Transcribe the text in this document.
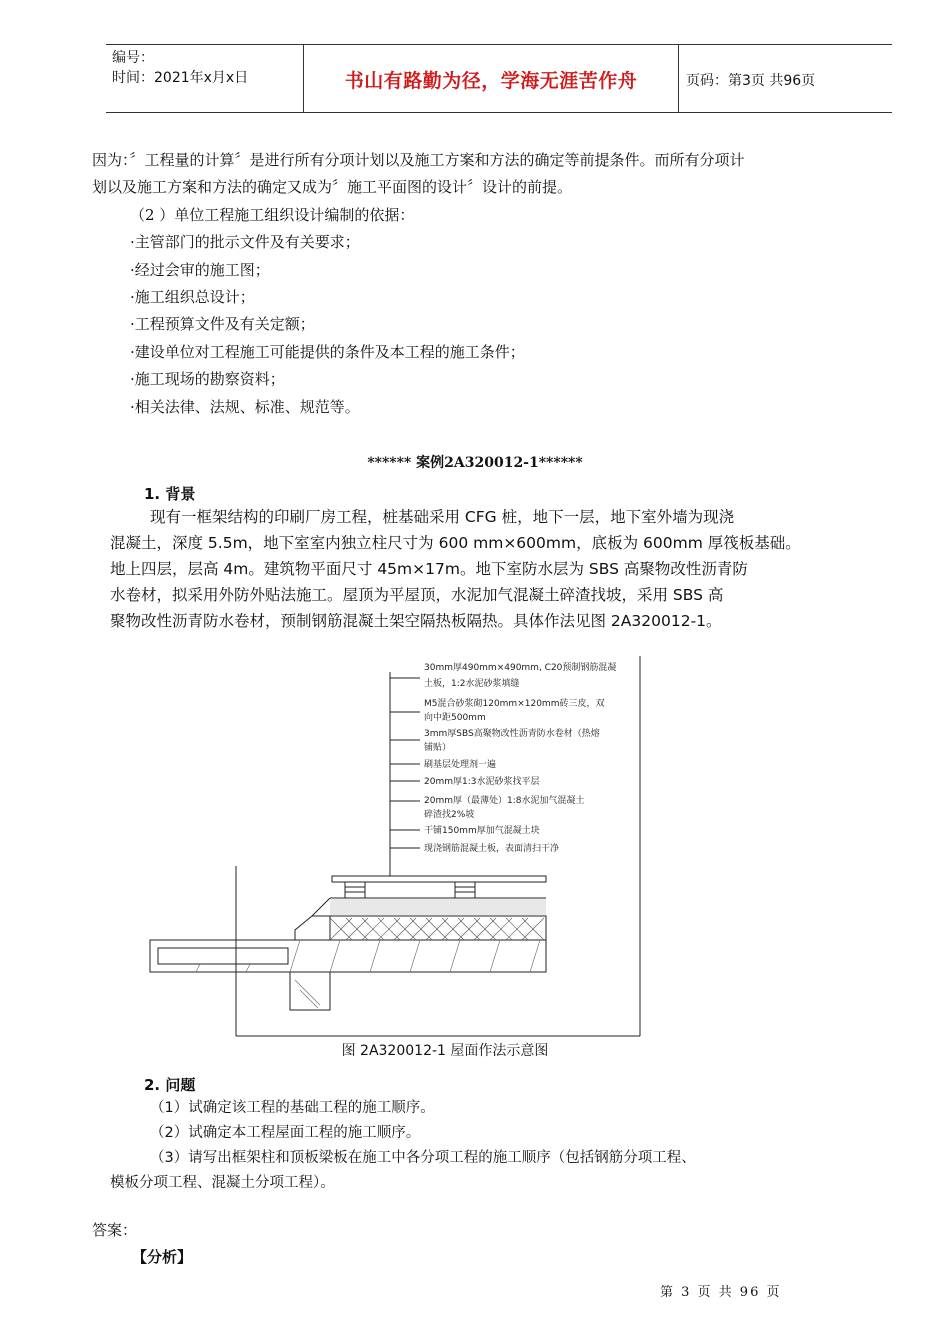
编号：
时间：2021年x月x日	书山有路勤为径，学海无涯苦作舟	页码：第3页 共96页
因为：〞工程量的计算〞是进行所有分项计划以及施工方案和方法的确定等前提条件。而所有分项计
划以及施工方案和方法的确定又成为〞施工平面图的设计〞设计的前提。
（2 ）单位工程施工组织设计编制的依据：
·主管部门的批示文件及有关要求；
·经过会审的施工图；
·施工组织总设计；
·工程预算文件及有关定额；
·建设单位对工程施工可能提供的条件及本工程的施工条件；
·施工现场的勘察资料；
·相关法律、法规、标准、规范等。
****** 案例2A320012-1******
1. 背景
现有一框架结构的印刷厂房工程，桩基础采用 CFG 桩，地下一层，地下室外墙为现浇
混凝土，深度 5.5m，地下室室内独立柱尺寸为 600 mm×600mm，底板为 600mm 厚筏板基础。
地上四层，层高 4m。建筑物平面尺寸 45m×17m。地下室防水层为 SBS 高聚物改性沥青防
水卷材，拟采用外防外贴法施工。屋顶为平屋顶，水泥加气混凝土碎渣找坡，采用 SBS 高
聚物改性沥青防水卷材，预制钢筋混凝土架空隔热板隔热。具体作法见图 2A320012-1。
30mm厚490mm×490mm, C20预制钢筋混凝
土板，1:2水泥砂浆填缝
M5混合砂浆砌120mm×120mm砖三皮，双
向中距500mm
3mm厚SBS高聚物改性沥青防水卷材（热熔
铺贴）
刷基层处理剂一遍
20mm厚1:3水泥砂浆找平层
20mm厚（最薄处）1:8水泥加气混凝土
碎渣找2%坡
干铺150mm厚加气混凝土块
现浇钢筋混凝土板，表面清扫干净
图 2A320012-1 屋面作法示意图
2. 问题
（1）试确定该工程的基础工程的施工顺序。
（2）试确定本工程屋面工程的施工顺序。
（3）请写出框架柱和顶板梁板在施工中各分项工程的施工顺序（包括钢筋分项工程、
模板分项工程、混凝土分项工程）。
答案：
【分析】
第 3 页 共 96 页
